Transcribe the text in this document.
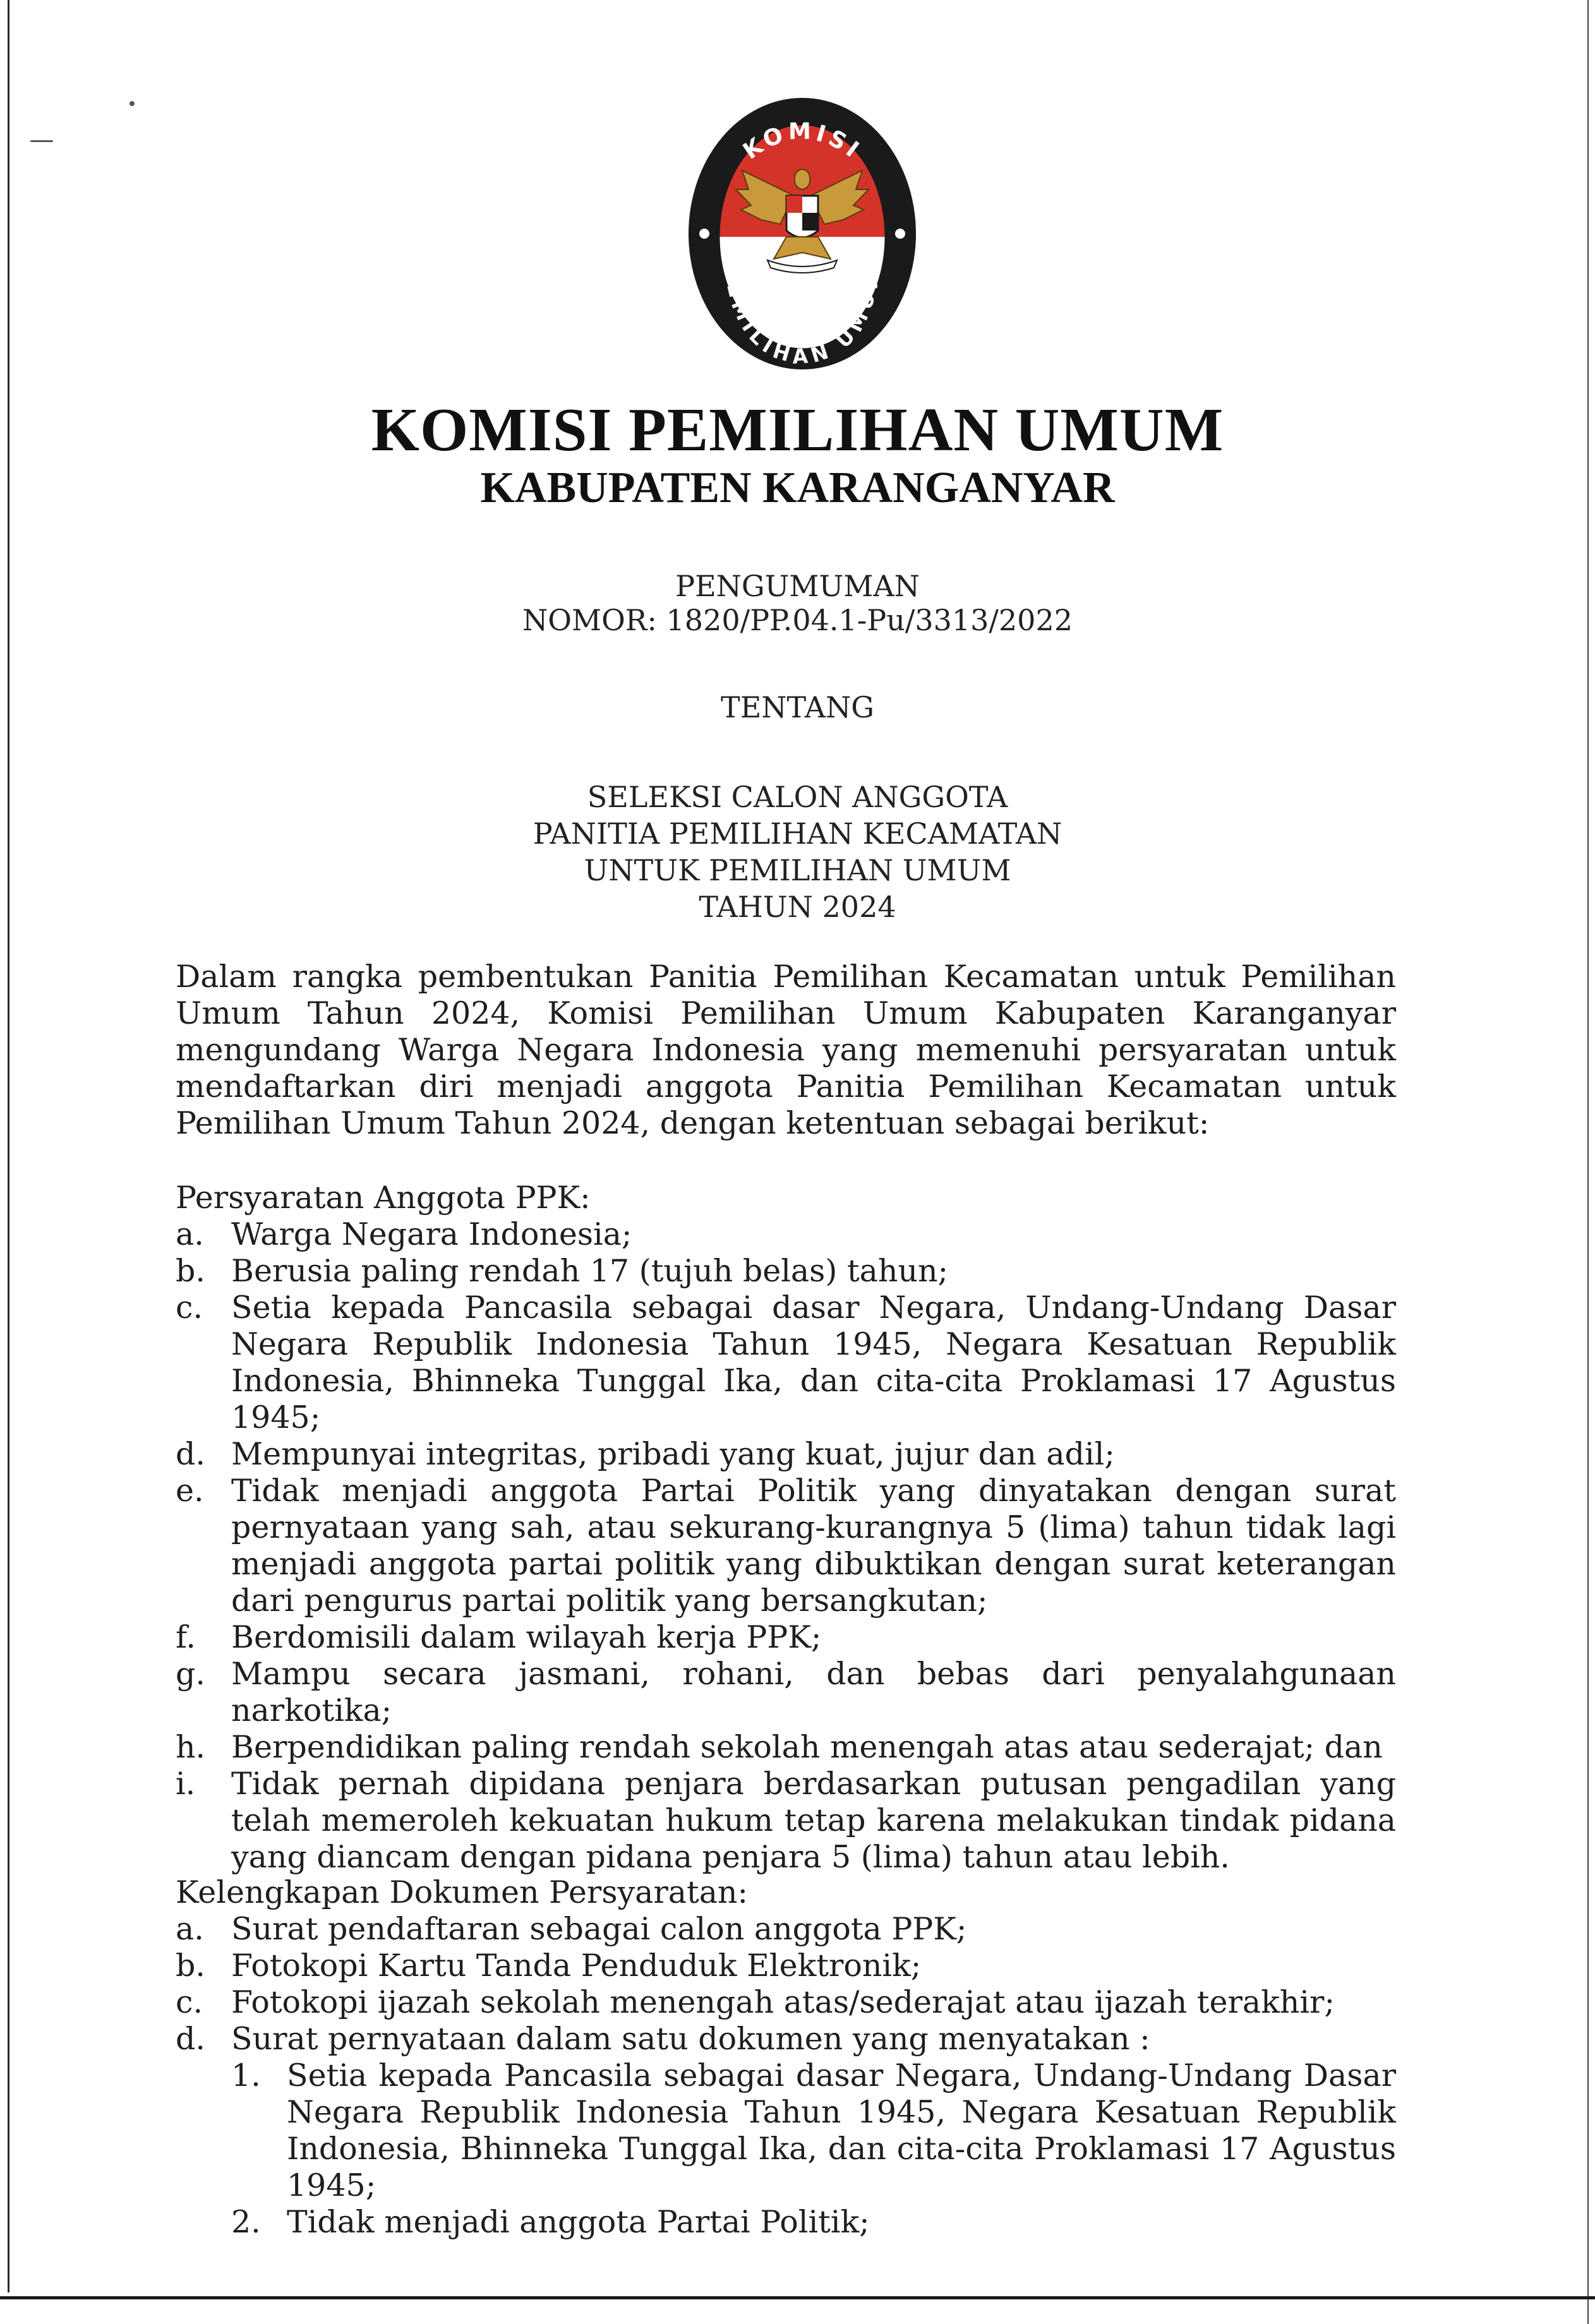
KOMISI
PEMILIHAN UMUM
KOMISI PEMILIHAN UMUM
KABUPATEN KARANGANYAR
PENGUMUMAN
NOMOR: 1820/PP.04.1-Pu/3313/2022
TENTANG
SELEKSI CALON ANGGOTA
PANITIA PEMILIHAN KECAMATAN
UNTUK PEMILIHAN UMUM
TAHUN 2024

Dalam rangka pembentukan Panitia Pemilihan Kecamatan untuk Pemilihan

Umum Tahun 2024, Komisi Pemilihan Umum Kabupaten Karanganyar

mengundang Warga Negara Indonesia yang memenuhi persyaratan untuk

mendaftarkan diri menjadi anggota Panitia Pemilihan Kecamatan untuk

Pemilihan Umum Tahun 2024, dengan ketentuan sebagai berikut:

Persyaratan Anggota PPK:
a. Warga Negara Indonesia;
b. Berusia paling rendah 17 (tujuh belas) tahun;
c. Setia kepada Pancasila sebagai dasar Negara, Undang-Undang Dasar Negara Republik Indonesia Tahun 1945, Negara Kesatuan Republik Indonesia, Bhinneka Tunggal Ika, dan cita-cita Proklamasi 17 Agustus 1945;
d. Mempunyai integritas, pribadi yang kuat, jujur dan adil;
e. Tidak menjadi anggota Partai Politik yang dinyatakan dengan surat pernyataan yang sah, atau sekurang-kurangnya 5 (lima) tahun tidak lagi menjadi anggota partai politik yang dibuktikan dengan surat keterangan dari pengurus partai politik yang bersangkutan;
f. Berdomisili dalam wilayah kerja PPK;
g. Mampu secara jasmani, rohani, dan bebas dari penyalahgunaan narkotika;
h. Berpendidikan paling rendah sekolah menengah atas atau sederajat; dan
i. Tidak pernah dipidana penjara berdasarkan putusan pengadilan yang telah memeroleh kekuatan hukum tetap karena melakukan tindak pidana yang diancam dengan pidana penjara 5 (lima) tahun atau lebih.
Kelengkapan Dokumen Persyaratan:
a. Surat pendaftaran sebagai calon anggota PPK;
b. Fotokopi Kartu Tanda Penduduk Elektronik;
c. Fotokopi ijazah sekolah menengah atas/sederajat atau ijazah terakhir;
d. Surat pernyataan dalam satu dokumen yang menyatakan :
1. Setia kepada Pancasila sebagai dasar Negara, Undang-Undang Dasar Negara Republik Indonesia Tahun 1945, Negara Kesatuan Republik Indonesia, Bhinneka Tunggal Ika, dan cita-cita Proklamasi 17 Agustus 1945;
2. Tidak menjadi anggota Partai Politik;
